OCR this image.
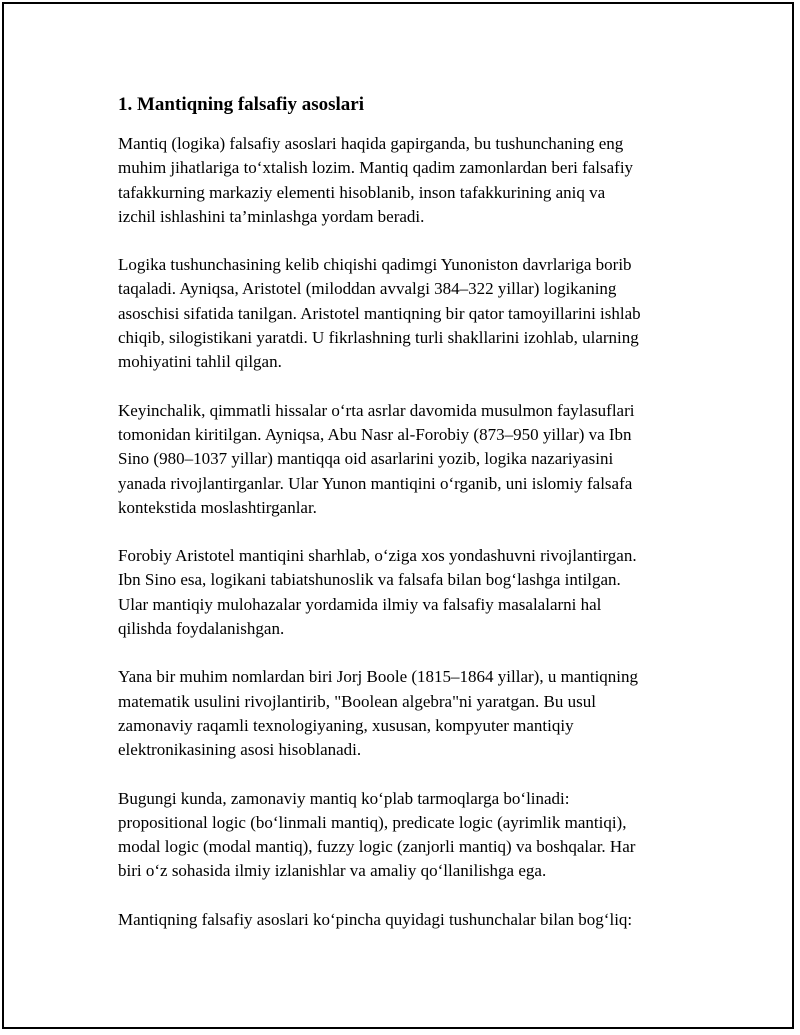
1. Mantiqning falsafiy asoslari

Mantiq (logika) falsafiy asoslari haqida gapirganda, bu tushunchaning eng
muhim jihatlariga to‘xtalish lozim. Mantiq qadim zamonlardan beri falsafiy
tafakkurning markaziy elementi hisoblanib, inson tafakkurining aniq va
izchil ishlashini ta’minlashga yordam beradi.

Logika tushunchasining kelib chiqishi qadimgi Yunoniston davrlariga borib
taqaladi. Ayniqsa, Aristotel (miloddan avvalgi 384–322 yillar) logikaning
asoschisi sifatida tanilgan. Aristotel mantiqning bir qator tamoyillarini ishlab
chiqib, silogistikani yaratdi. U fikrlashning turli shakllarini izohlab, ularning
mohiyatini tahlil qilgan.

Keyinchalik, qimmatli hissalar o‘rta asrlar davomida musulmon faylasuflari
tomonidan kiritilgan. Ayniqsa, Abu Nasr al-Forobiy (873–950 yillar) va Ibn
Sino (980–1037 yillar) mantiqqa oid asarlarini yozib, logika nazariyasini
yanada rivojlantirganlar. Ular Yunon mantiqini o‘rganib, uni islomiy falsafa
kontekstida moslashtirganlar.

Forobiy Aristotel mantiqini sharhlab, o‘ziga xos yondashuvni rivojlantirgan.
Ibn Sino esa, logikani tabiatshunoslik va falsafa bilan bog‘lashga intilgan.
Ular mantiqiy mulohazalar yordamida ilmiy va falsafiy masalalarni hal
qilishda foydalanishgan.

Yana bir muhim nomlardan biri Jorj Boole (1815–1864 yillar), u mantiqning
matematik usulini rivojlantirib, "Boolean algebra"ni yaratgan. Bu usul
zamonaviy raqamli texnologiyaning, xususan, kompyuter mantiqiy
elektronikasining asosi hisoblanadi.

Bugungi kunda, zamonaviy mantiq ko‘plab tarmoqlarga bo‘linadi:
propositional logic (bo‘linmali mantiq), predicate logic (ayrimlik mantiqi),
modal logic (modal mantiq), fuzzy logic (zanjorli mantiq) va boshqalar. Har
biri o‘z sohasida ilmiy izlanishlar va amaliy qo‘llanilishga ega.

Mantiqning falsafiy asoslari ko‘pincha quyidagi tushunchalar bilan bog‘liq:
